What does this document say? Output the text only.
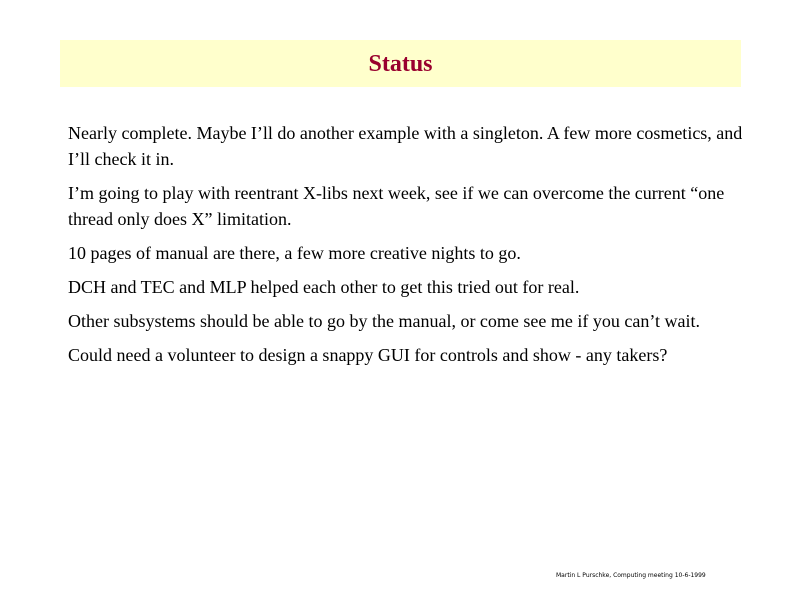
Status

Nearly complete. Maybe I’ll do another example with a singleton. A few more cosmetics, and I’ll check it in.

I’m going to play with reentrant X-libs next week, see if we can overcome the current “one thread only does X” limitation.

10 pages of manual are there, a few more creative nights to go.

DCH and TEC and MLP helped each other to get this tried out for real.

Other subsystems should be able to go by the manual, or come see me if you can’t wait.

Could need a volunteer to design a snappy GUI for controls and show - any takers?

Martin L Purschke, Computing meeting 10-6-1999
